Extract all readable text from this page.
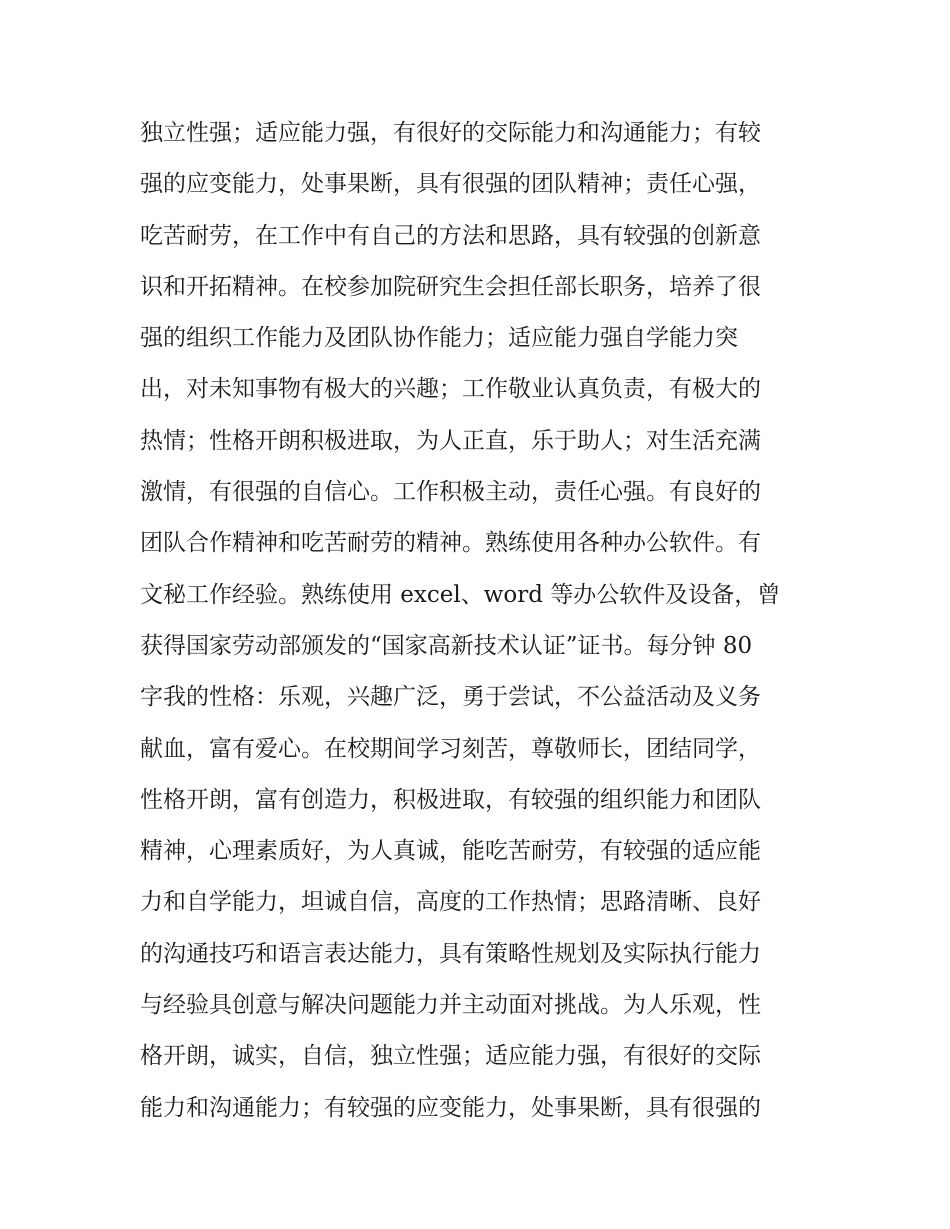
独立性强；适应能力强，有很好的交际能力和沟通能力；有较
强的应变能力，处事果断，具有很强的团队精神；责任心强，
吃苦耐劳，在工作中有自己的方法和思路，具有较强的创新意
识和开拓精神。在校参加院研究生会担任部长职务，培养了很
强的组织工作能力及团队协作能力；适应能力强自学能力突
出，对未知事物有极大的兴趣；工作敬业认真负责，有极大的
热情；性格开朗积极进取，为人正直，乐于助人；对生活充满
激情，有很强的自信心。工作积极主动，责任心强。有良好的
团队合作精神和吃苦耐劳的精神。熟练使用各种办公软件。有
文秘工作经验。熟练使用 excel、word 等办公软件及设备，曾
获得国家劳动部颁发的“国家高新技术认证”证书。每分钟 80
字我的性格：乐观，兴趣广泛，勇于尝试，不公益活动及义务
献血，富有爱心。在校期间学习刻苦，尊敬师长，团结同学，
性格开朗，富有创造力，积极进取，有较强的组织能力和团队
精神，心理素质好，为人真诚，能吃苦耐劳，有较强的适应能
力和自学能力，坦诚自信，高度的工作热情；思路清晰、良好
的沟通技巧和语言表达能力，具有策略性规划及实际执行能力
与经验具创意与解决问题能力并主动面对挑战。为人乐观，性
格开朗，诚实，自信，独立性强；适应能力强，有很好的交际
能力和沟通能力；有较强的应变能力，处事果断，具有很强的
